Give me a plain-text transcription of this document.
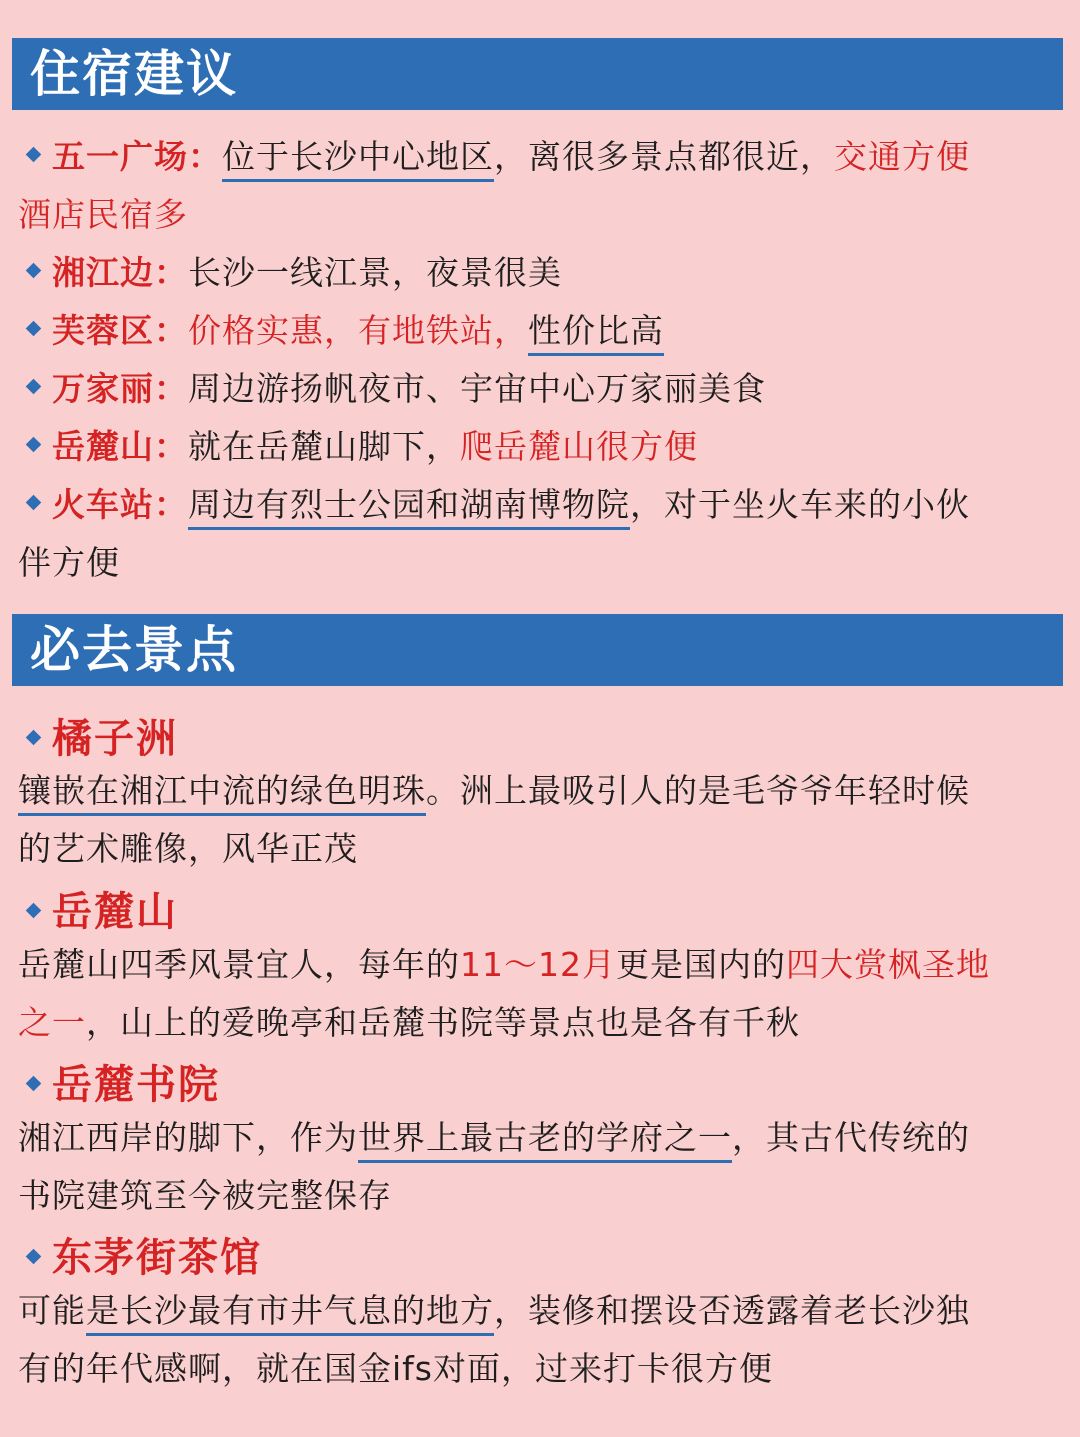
住宿建议
五一广场：位于长沙中心地区，离很多景点都很近，交通方便
酒店民宿多
湘江边：长沙一线江景，夜景很美
芙蓉区：价格实惠，有地铁站，性价比高
万家丽：周边游扬帆夜市、宇宙中心万家丽美食
岳麓山：就在岳麓山脚下，爬岳麓山很方便
火车站：周边有烈士公园和湖南博物院，对于坐火车来的小伙
伴方便
必去景点
橘子洲
镶嵌在湘江中流的绿色明珠。洲上最吸引人的是毛爷爷年轻时候
的艺术雕像，风华正茂
岳麓山
岳麓山四季风景宜人，每年的11～12月更是国内的四大赏枫圣地
之一，山上的爱晚亭和岳麓书院等景点也是各有千秋
岳麓书院
湘江西岸的脚下，作为世界上最古老的学府之一，其古代传统的
书院建筑至今被完整保存
东茅街茶馆
可能是长沙最有市井气息的地方，装修和摆设否透露着老长沙独
有的年代感啊，就在国金ifs对面，过来打卡很方便
